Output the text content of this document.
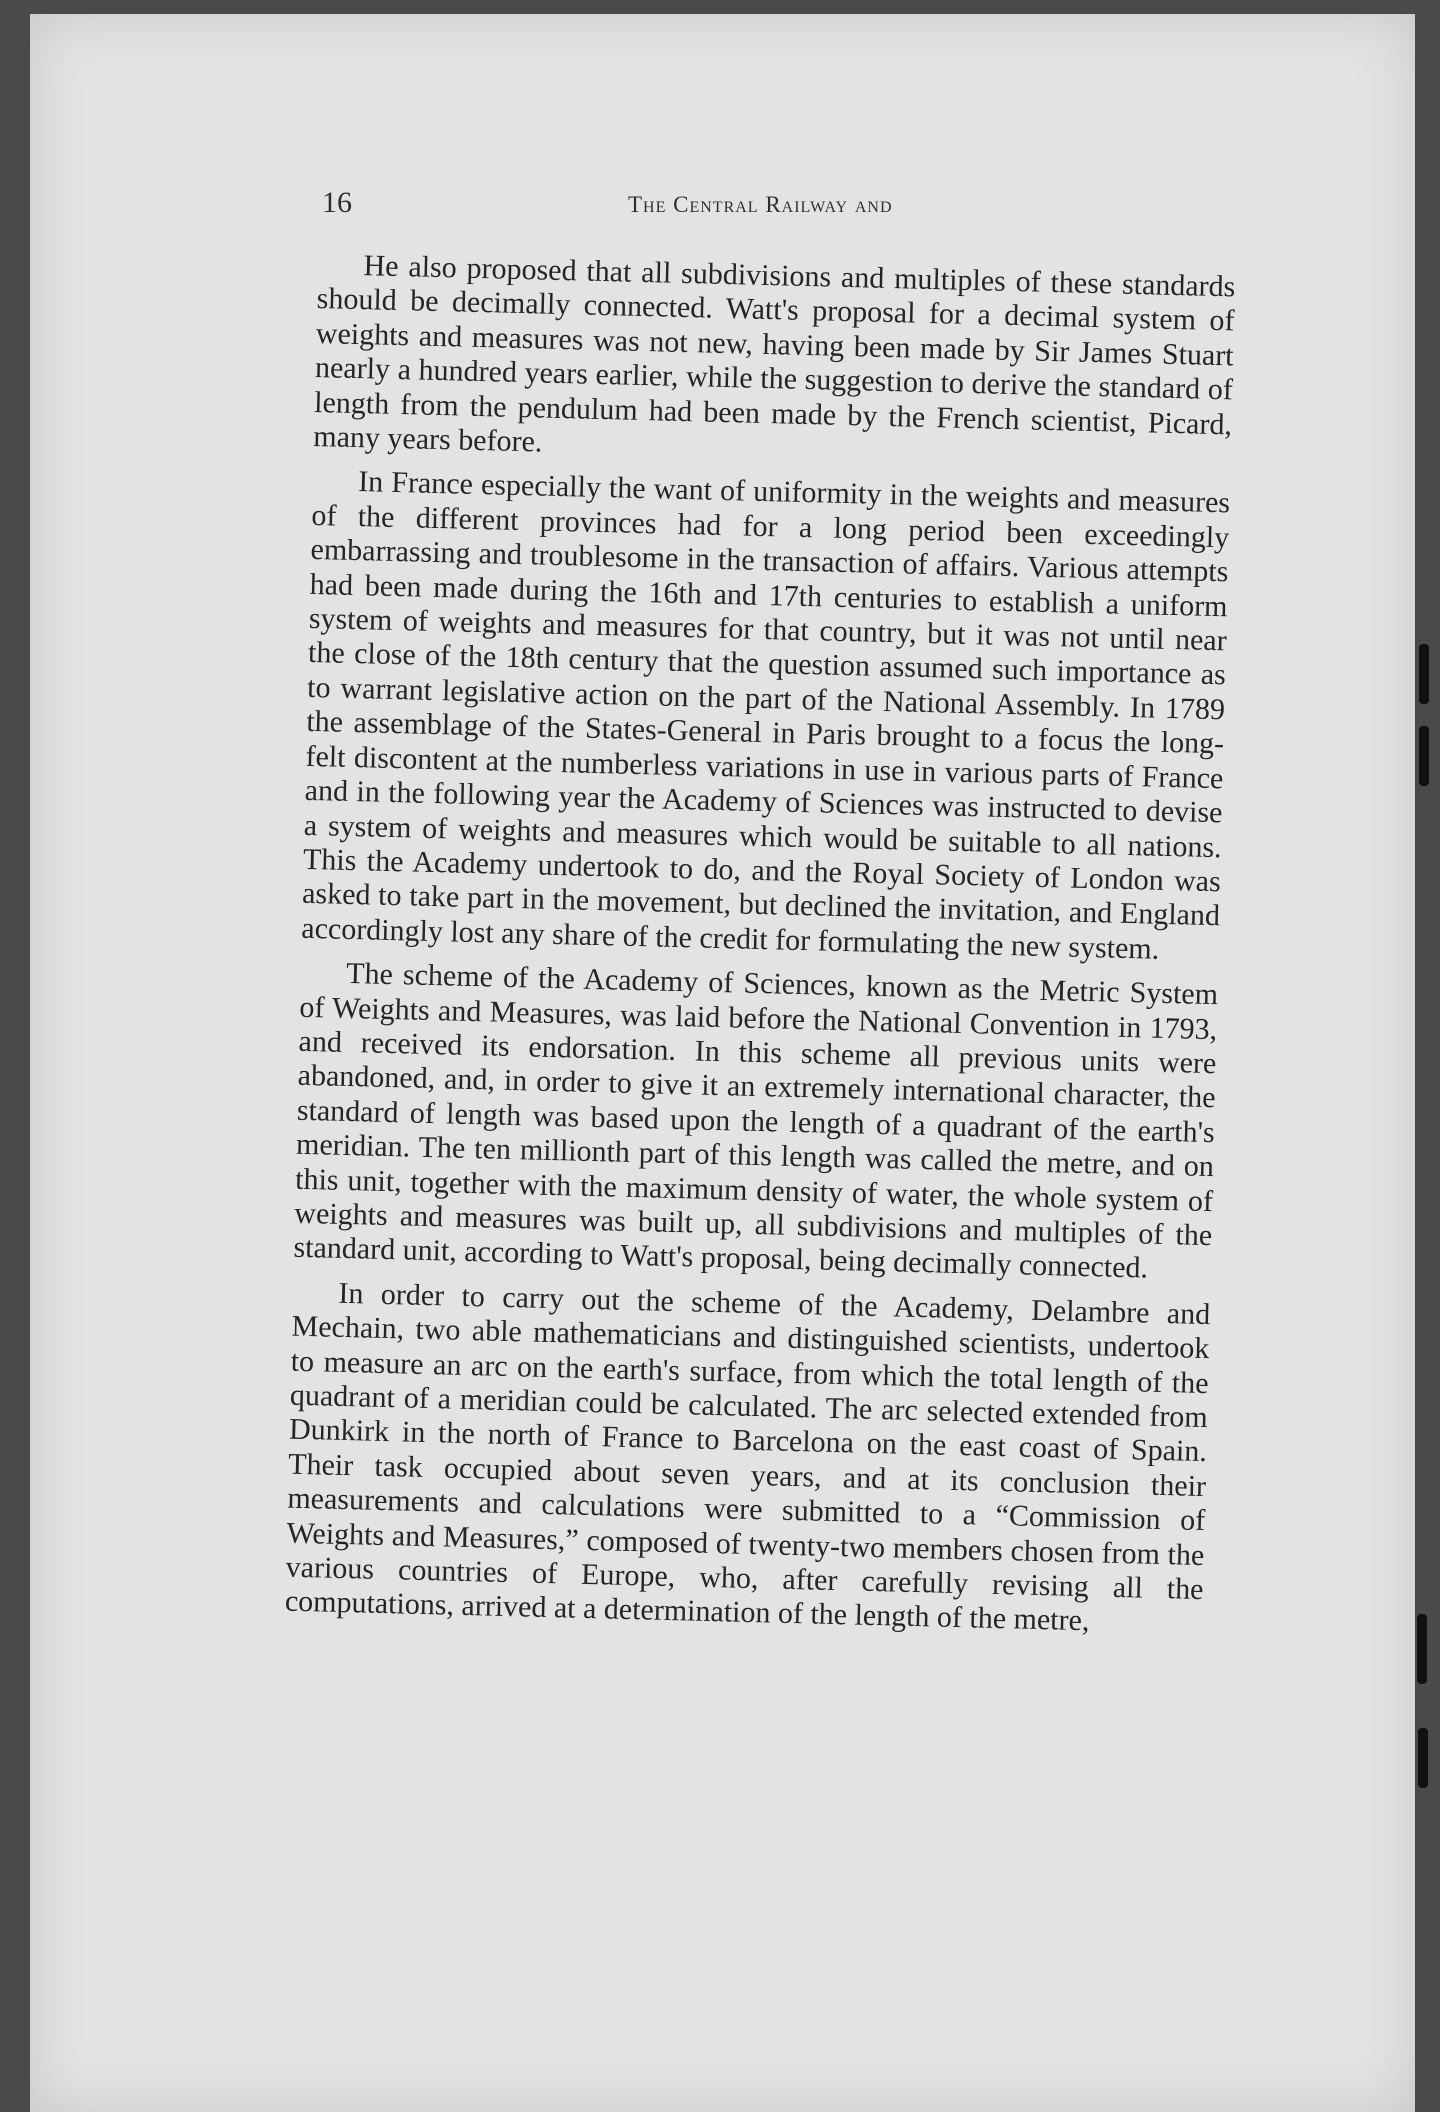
16	The Central Railway and

He also proposed that all subdivisions and multiples of these standards should be decimally connected. Watt's proposal for a decimal system of weights and measures was not new, having been made by Sir James Stuart nearly a hundred years earlier, while the suggestion to derive the standard of length from the pendulum had been made by the French scientist, Picard, many years before.

In France especially the want of uniformity in the weights and measures of the different provinces had for a long period been exceedingly embarrassing and troublesome in the transaction of affairs. Various attempts had been made during the 16th and 17th centuries to establish a uniform system of weights and measures for that country, but it was not until near the close of the 18th century that the question assumed such importance as to warrant legislative action on the part of the National Assembly. In 1789 the assemblage of the States-General in Paris brought to a focus the long-felt discontent at the numberless variations in use in various parts of France and in the following year the Academy of Sciences was instructed to devise a system of weights and measures which would be suitable to all nations. This the Academy undertook to do, and the Royal Society of London was asked to take part in the movement, but declined the invitation, and England accordingly lost any share of the credit for formulating the new system.

The scheme of the Academy of Sciences, known as the Metric System of Weights and Measures, was laid before the National Convention in 1793, and received its endorsation. In this scheme all previous units were abandoned, and, in order to give it an extremely international character, the standard of length was based upon the length of a quadrant of the earth's meridian. The ten millionth part of this length was called the metre, and on this unit, together with the maximum density of water, the whole system of weights and measures was built up, all subdivisions and multiples of the standard unit, according to Watt's proposal, being decimally connected.

In order to carry out the scheme of the Academy, Delambre and Mechain, two able mathematicians and distinguished scientists, undertook to measure an arc on the earth's surface, from which the total length of the quadrant of a meridian could be calculated. The arc selected extended from Dunkirk in the north of France to Barcelona on the east coast of Spain. Their task occupied about seven years, and at its conclusion their measurements and calculations were submitted to a “Commission of Weights and Measures,” composed of twenty-two members chosen from the various countries of Europe, who, after carefully revising all the computations, arrived at a determination of the length of the metre,
